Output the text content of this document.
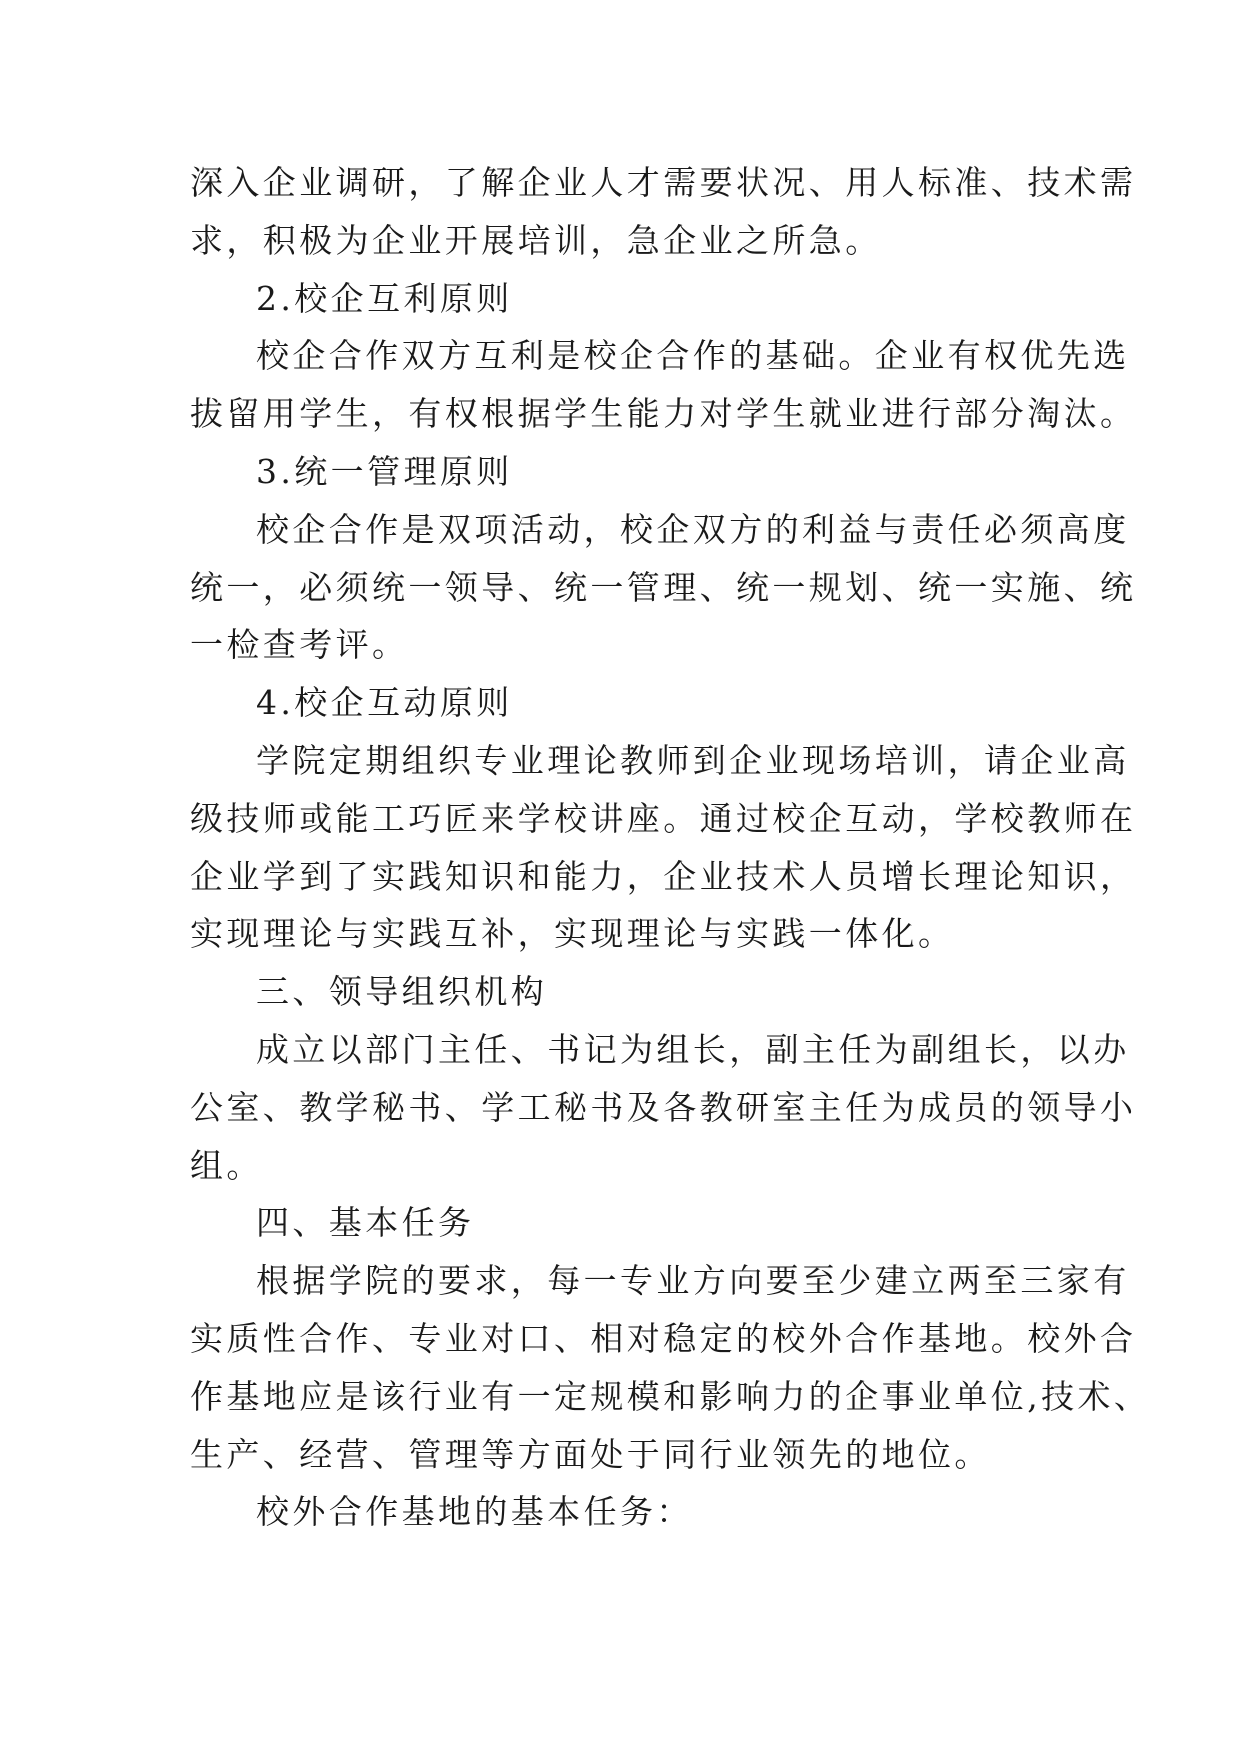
深入企业调研，了解企业人才需要状况、用人标准、技术需
求，积极为企业开展培训，急企业之所急。
2.校企互利原则
校企合作双方互利是校企合作的基础。企业有权优先选
拔留用学生，有权根据学生能力对学生就业进行部分淘汰。
3.统一管理原则
校企合作是双项活动，校企双方的利益与责任必须高度
统一，必须统一领导、统一管理、统一规划、统一实施、统
一检查考评。
4.校企互动原则
学院定期组织专业理论教师到企业现场培训，请企业高
级技师或能工巧匠来学校讲座。通过校企互动，学校教师在
企业学到了实践知识和能力，企业技术人员增长理论知识，
实现理论与实践互补，实现理论与实践一体化。
三、领导组织机构
成立以部门主任、书记为组长，副主任为副组长，以办
公室、教学秘书、学工秘书及各教研室主任为成员的领导小
组。
四、基本任务
根据学院的要求，每一专业方向要至少建立两至三家有
实质性合作、专业对口、相对稳定的校外合作基地。校外合
作基地应是该行业有一定规模和影响力的企事业单位,技术、
生产、经营、管理等方面处于同行业领先的地位。
校外合作基地的基本任务：
